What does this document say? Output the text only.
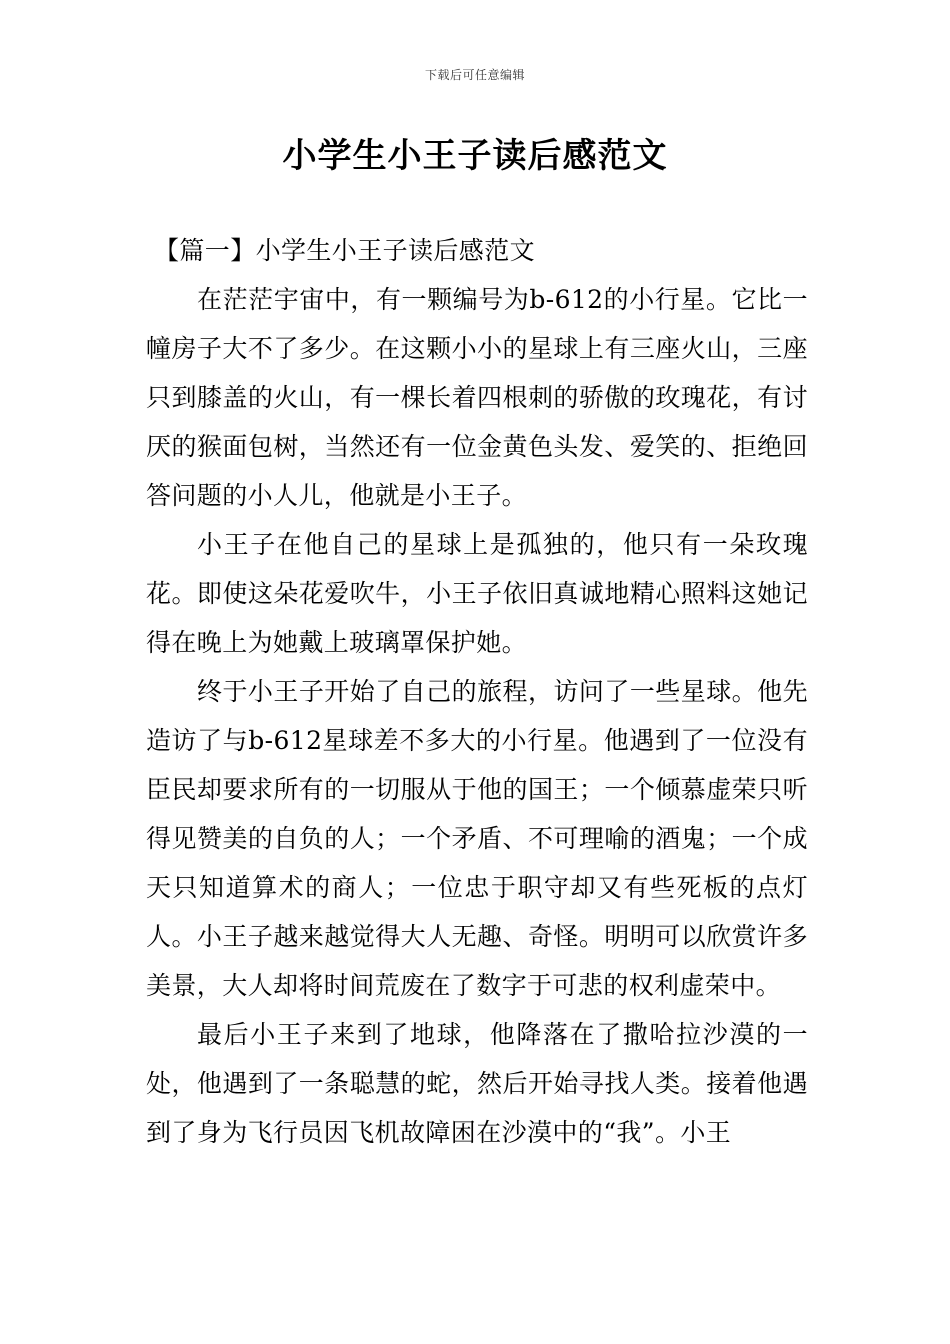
下载后可任意编辑
小学生小王子读后感范文

【篇一】小学生小王子读后感范文

在茫茫宇宙中，有一颗编号为b-612的小行星。它比一幢房子大不了多少。在这颗小小的星球上有三座火山，三座只到膝盖的火山，有一棵长着四根刺的骄傲的玫瑰花，有讨厌的猴面包树，当然还有一位金黄色头发、爱笑的、拒绝回答问题的小人儿，他就是小王子。

小王子在他自己的星球上是孤独的，他只有一朵玫瑰花。即使这朵花爱吹牛，小王子依旧真诚地精心照料这她记得在晚上为她戴上玻璃罩保护她。

终于小王子开始了自己的旅程，访问了一些星球。他先造访了与b-612星球差不多大的小行星。他遇到了一位没有臣民却要求所有的一切服从于他的国王；一个倾慕虚荣只听得见赞美的自负的人；一个矛盾、不可理喻的酒鬼；一个成天只知道算术的商人；一位忠于职守却又有些死板的点灯人。小王子越来越觉得大人无趣、奇怪。明明可以欣赏许多美景，大人却将时间荒废在了数字于可悲的权利虚荣中。

最后小王子来到了地球，他降落在了撒哈拉沙漠的一处，他遇到了一条聪慧的蛇，然后开始寻找人类。接着他遇到了身为飞行员因飞机故障困在沙漠中的“我”。小王
